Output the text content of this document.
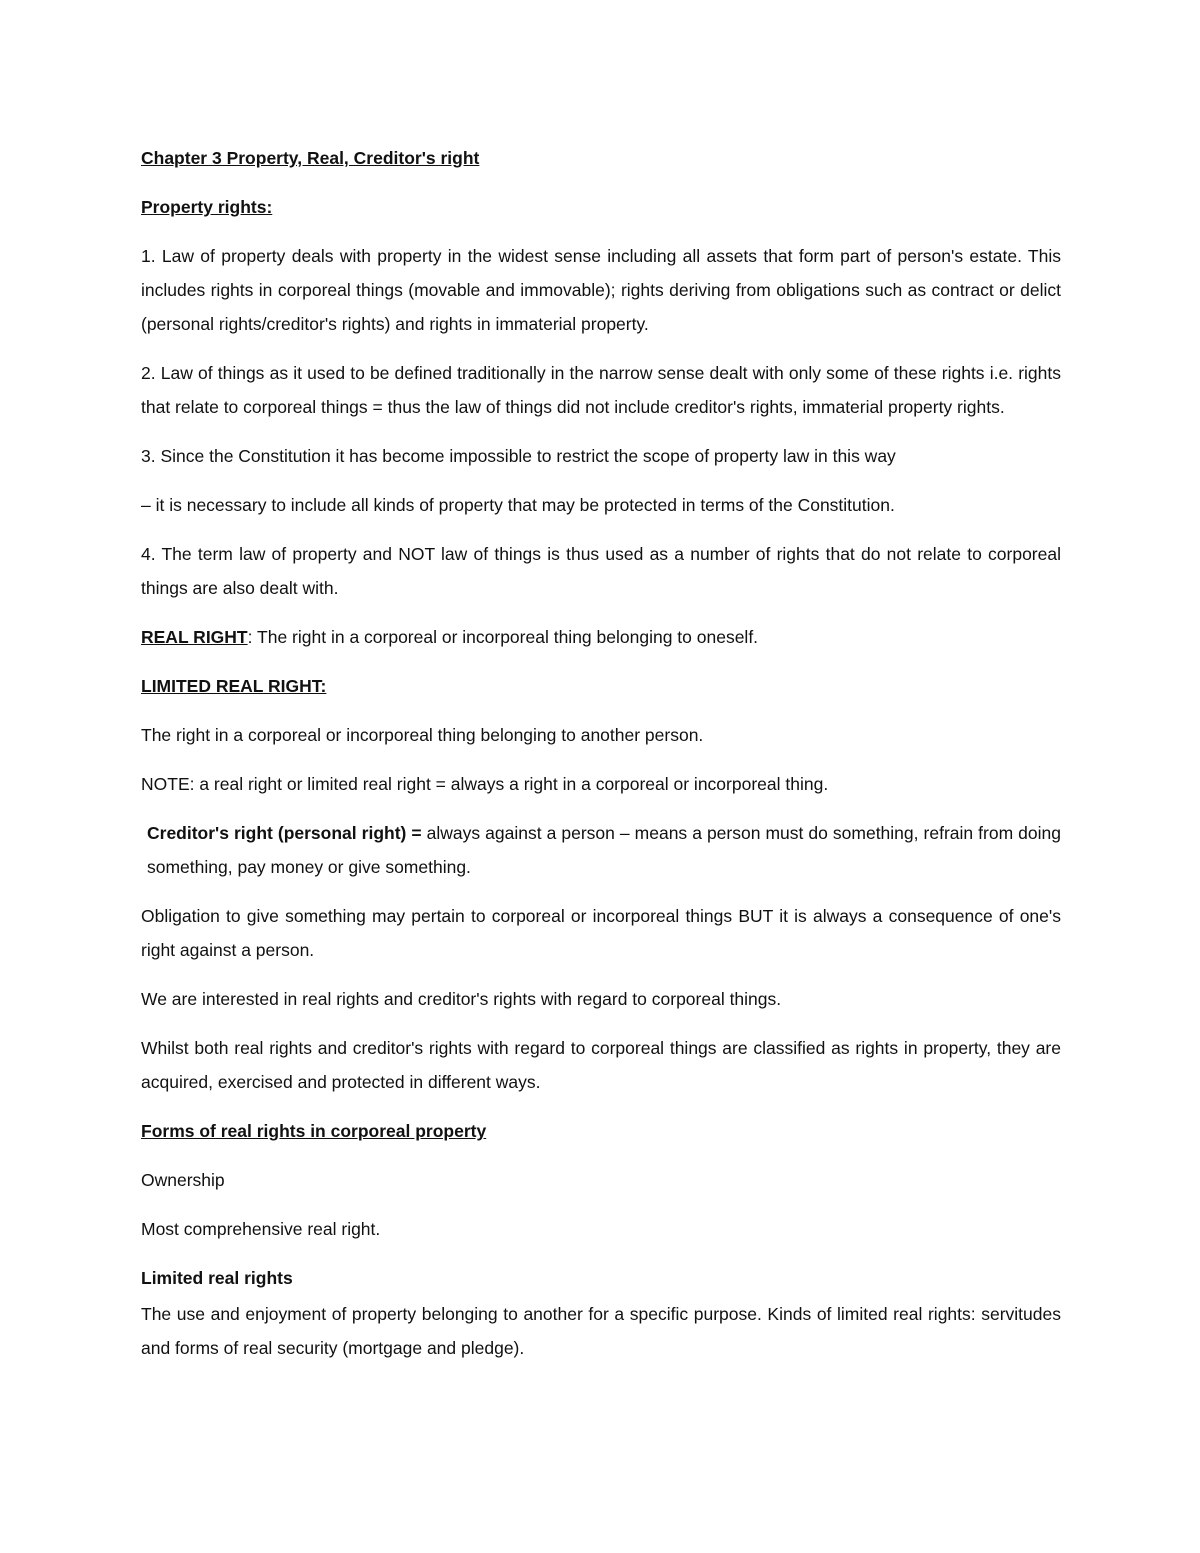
Chapter 3 Property, Real, Creditor's right

Property rights:

1. Law of property deals with property in the widest sense including all assets that form part of person's estate. This includes rights in corporeal things (movable and immovable); rights deriving from obligations such as contract or delict (personal rights/creditor's rights) and rights in immaterial property.

2. Law of things as it used to be defined traditionally in the narrow sense dealt with only some of these rights i.e. rights that relate to corporeal things = thus the law of things did not include creditor's rights, immaterial property rights.

3. Since the Constitution it has become impossible to restrict the scope of property law in this way

– it is necessary to include all kinds of property that may be protected in terms of the Constitution.

4. The term law of property and NOT law of things is thus used as a number of rights that do not relate to corporeal things are also dealt with.

REAL RIGHT: The right in a corporeal or incorporeal thing belonging to oneself.

LIMITED REAL RIGHT:

The right in a corporeal or incorporeal thing belonging to another person.

NOTE: a real right or limited real right = always a right in a corporeal or incorporeal thing.

Creditor's right (personal right) = always against a person – means a person must do something, refrain from doing something, pay money or give something.

Obligation to give something may pertain to corporeal or incorporeal things BUT it is always a consequence of one's right against a person.

We are interested in real rights and creditor's rights with regard to corporeal things.

Whilst both real rights and creditor's rights with regard to corporeal things are classified as rights in property, they are acquired, exercised and protected in different ways.

Forms of real rights in corporeal property

Ownership

Most comprehensive real right.

Limited real rights

The use and enjoyment of property belonging to another for a specific purpose. Kinds of limited real rights: servitudes and forms of real security (mortgage and pledge).
